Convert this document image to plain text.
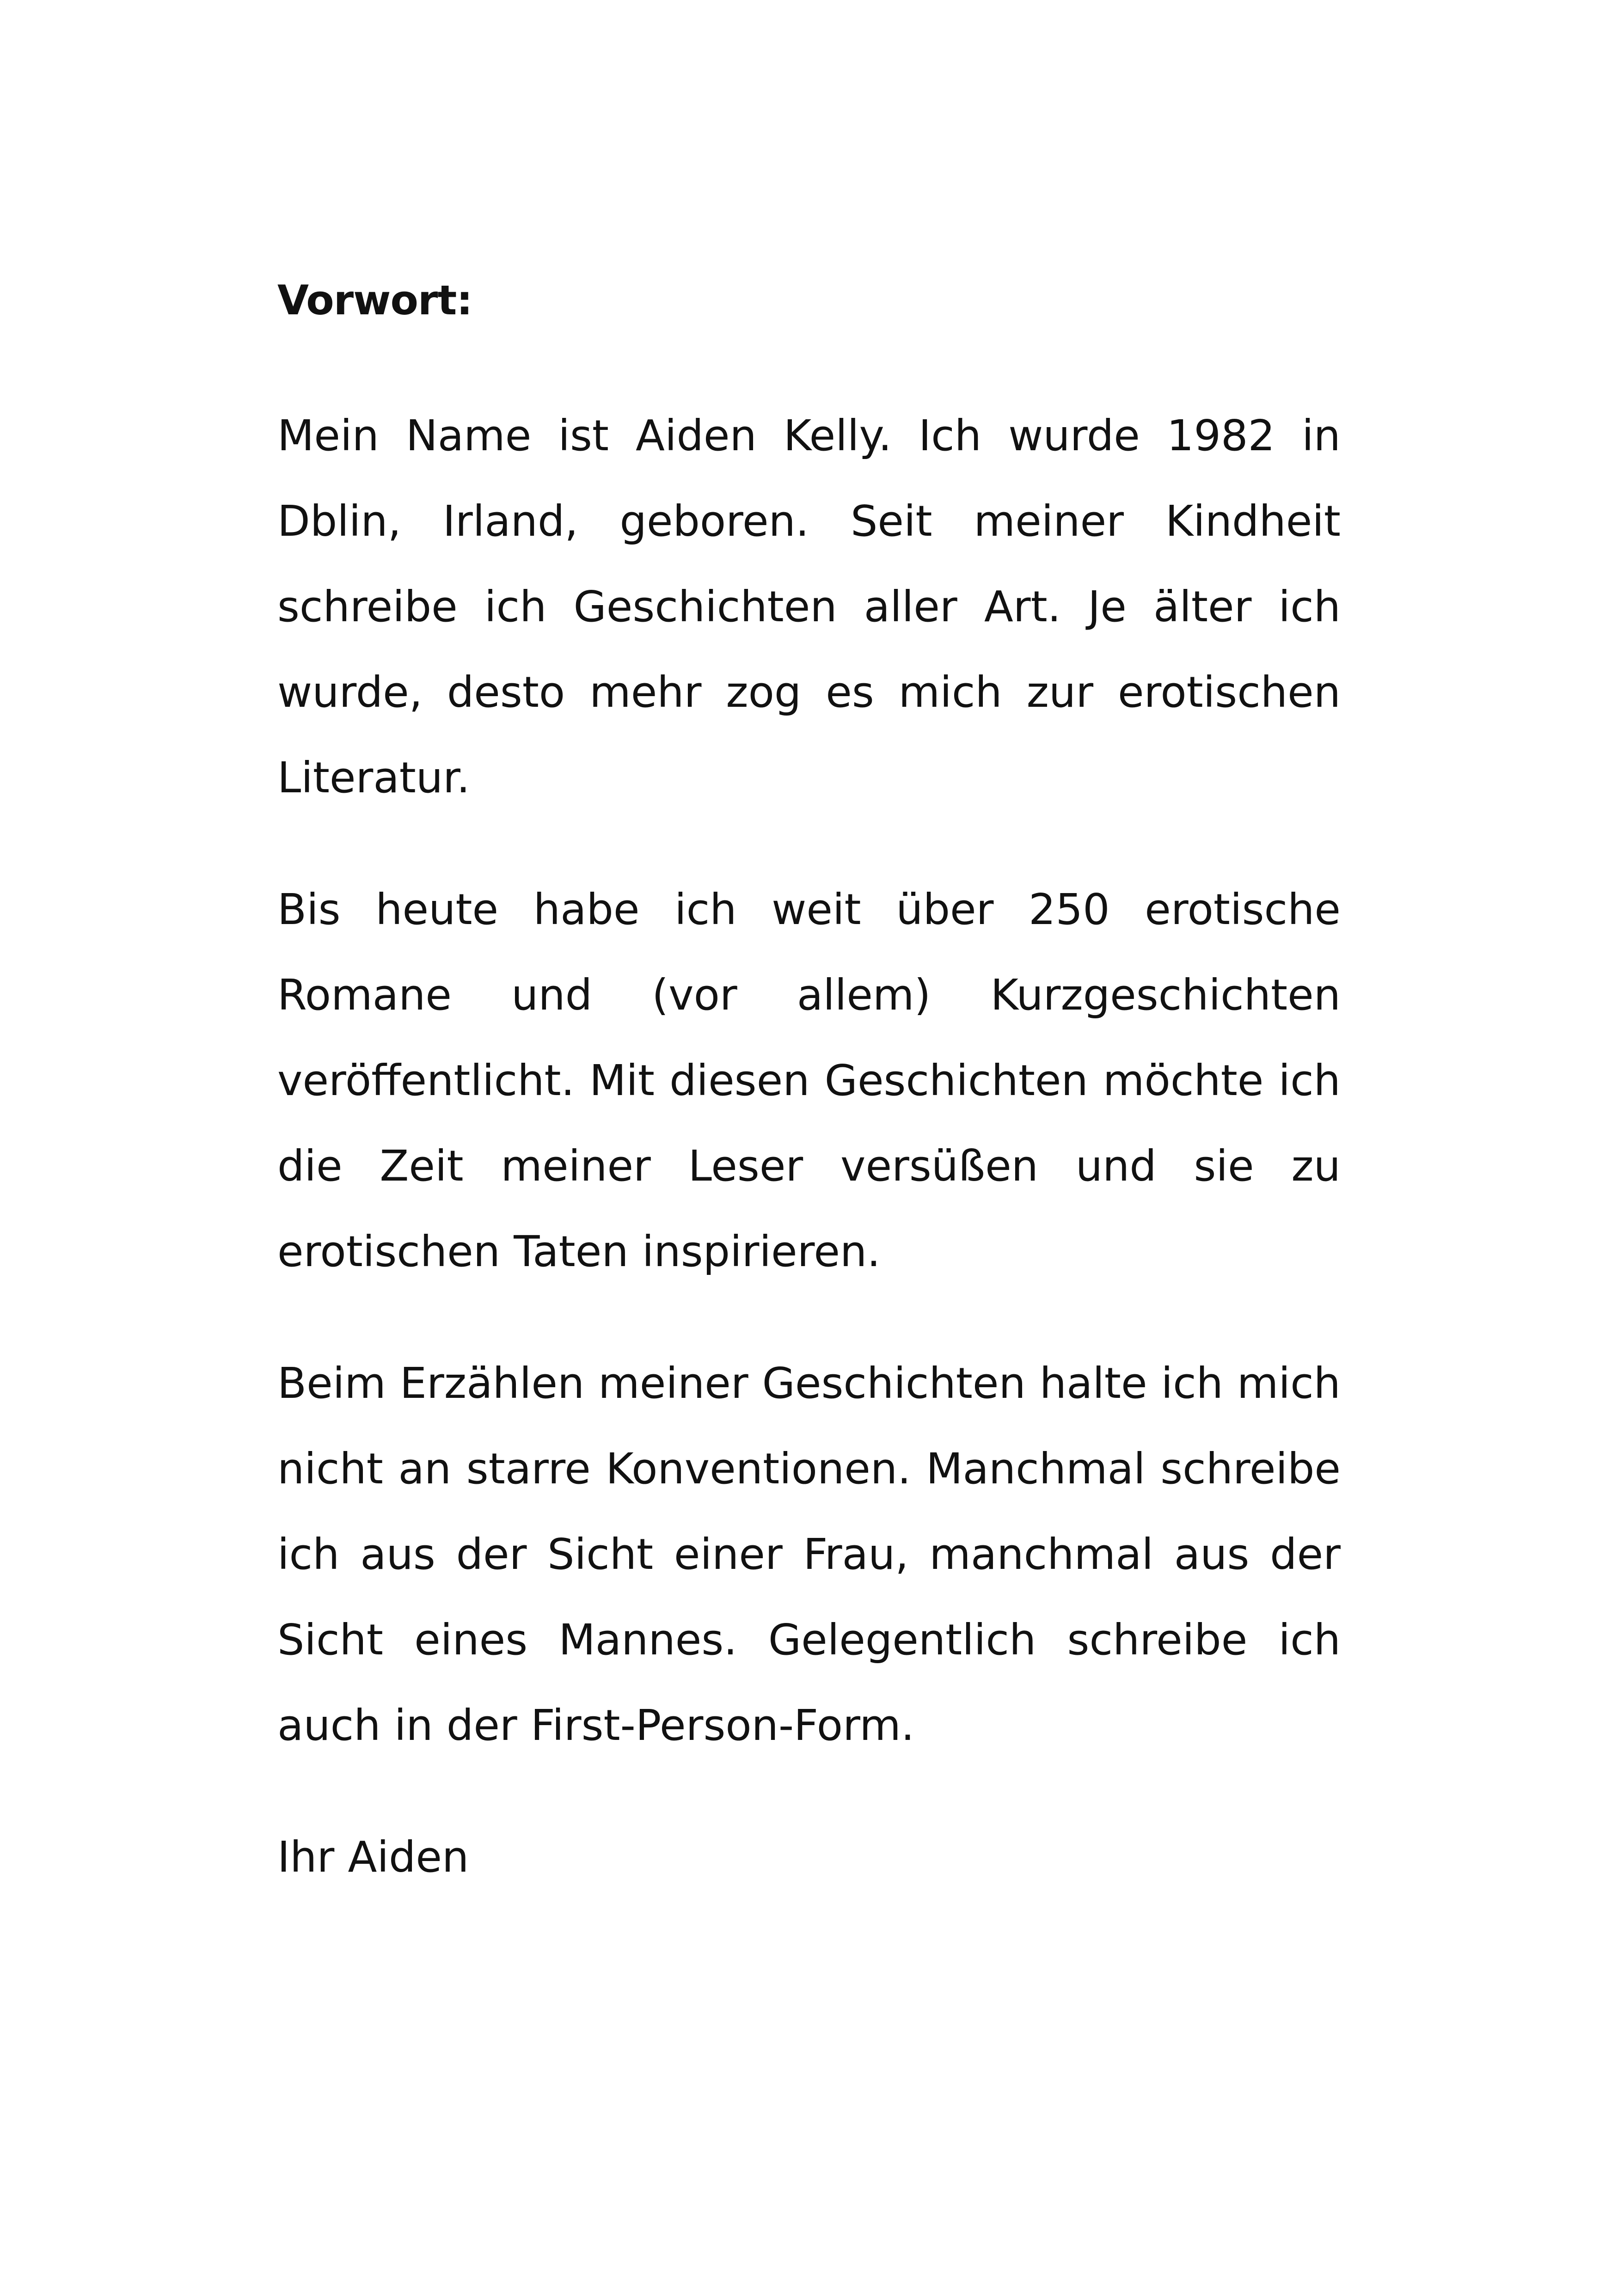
Vorwort:

Mein Name ist Aiden Kelly. Ich wurde 1982 in Dblin, Irland, geboren. Seit meiner Kindheit schreibe ich Geschichten aller Art. Je älter ich wurde, desto mehr zog es mich zur erotischen Literatur.

Bis heute habe ich weit über 250 erotische Romane und (vor allem) Kurzgeschichten veröffentlicht. Mit diesen Geschichten möchte ich die Zeit meiner Leser versüßen und sie zu erotischen Taten inspirieren.

Beim Erzählen meiner Geschichten halte ich mich nicht an starre Konventionen. Manchmal schreibe ich aus der Sicht einer Frau, manchmal aus der Sicht eines Mannes. Gelegentlich schreibe ich auch in der First-Person-Form.

Ihr Aiden
